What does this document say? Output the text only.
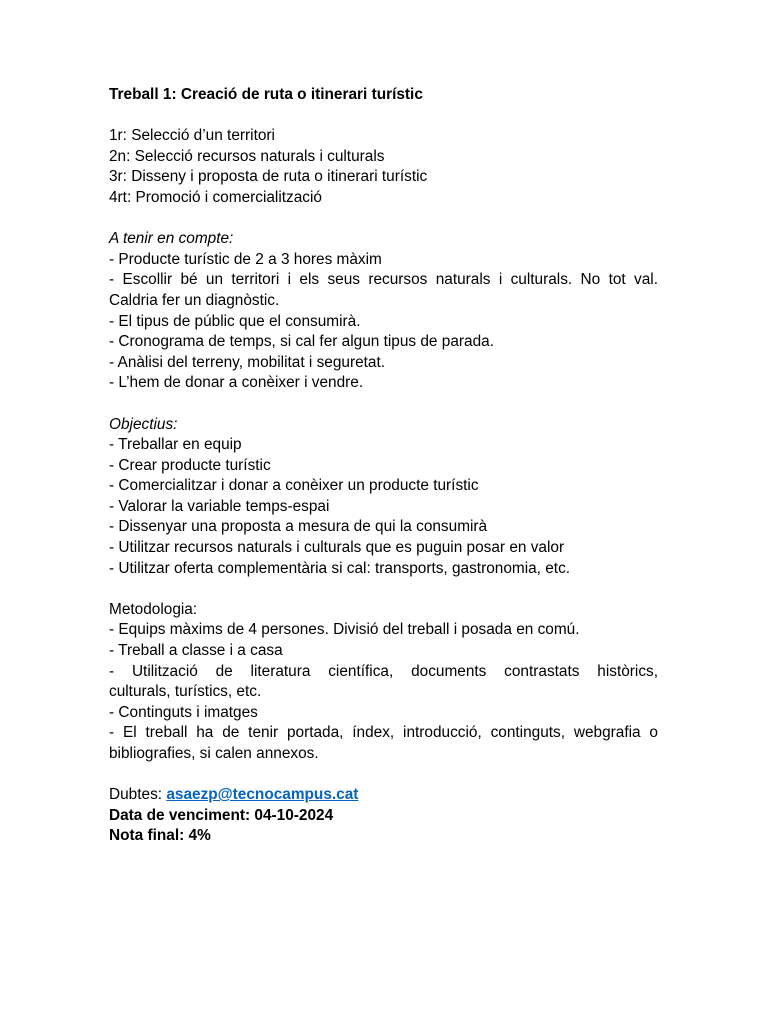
Treball 1: Creació de ruta o itinerari turístic
1r: Selecció d’un territori
2n: Selecció recursos naturals i culturals
3r: Disseny i proposta de ruta o itinerari turístic
4rt: Promoció i comercialització
A tenir en compte:
- Producte turístic de 2 a 3 hores màxim
- Escollir bé un territori i els seus recursos naturals i culturals. No tot val.
Caldria fer un diagnòstic.
- El tipus de públic que el consumirà.
- Cronograma de temps, si cal fer algun tipus de parada.
- Anàlisi del terreny, mobilitat i seguretat.
- L’hem de donar a conèixer i vendre.
Objectius:
- Treballar en equip
- Crear producte turístic
- Comercialitzar i donar a conèixer un producte turístic
- Valorar la variable temps-espai
- Dissenyar una proposta a mesura de qui la consumirà
- Utilitzar recursos naturals i culturals que es puguin posar en valor
- Utilitzar oferta complementària si cal: transports, gastronomia, etc.
Metodologia:
- Equips màxims de 4 persones. Divisió del treball i posada en comú.
- Treball a classe i a casa
- Utilització de literatura científica, documents contrastats històrics,
culturals, turístics, etc.
- Continguts i imatges
- El treball ha de tenir portada, índex, introducció, continguts, webgrafia o
bibliografies, si calen annexos.
Dubtes: asaezp@tecnocampus.cat
Data de venciment: 04-10-2024
Nota final: 4%
